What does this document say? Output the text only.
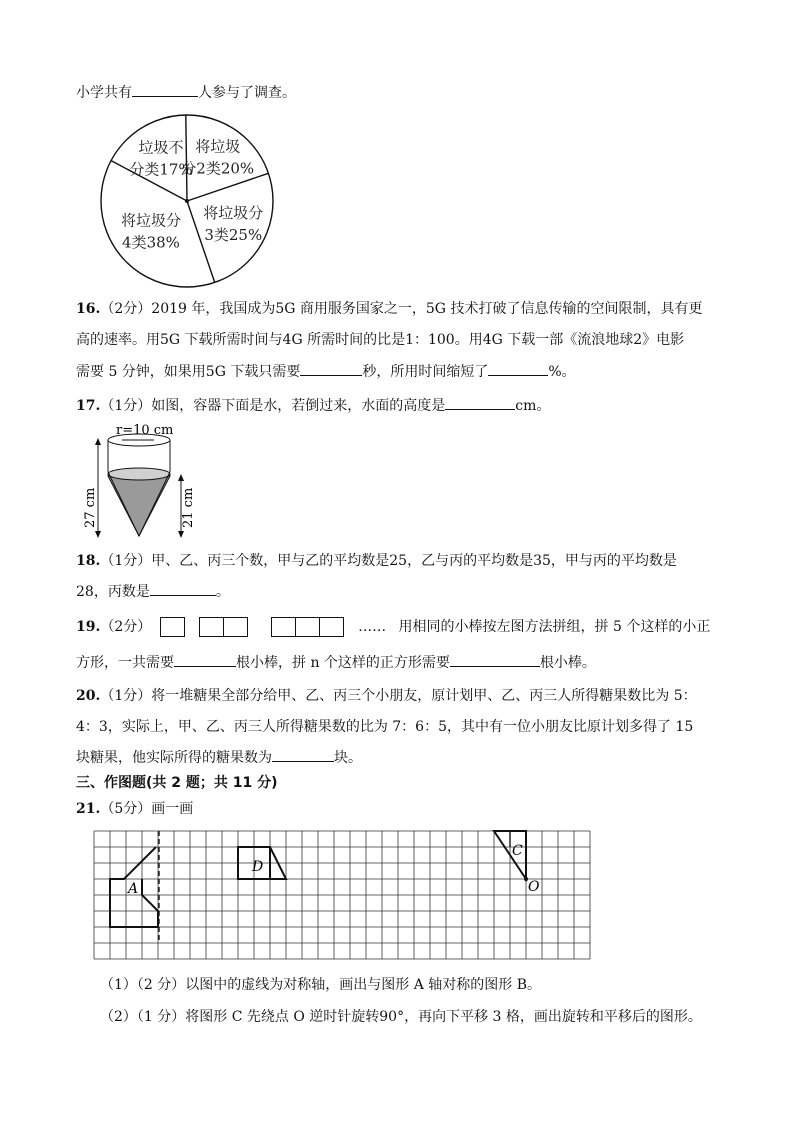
小学共有	人参与了调查。
垃圾不
分类17%
将垃圾
分2类20%
将垃圾分
3类25%
将垃圾分
4类38%
16.（2分）2019 年，我国成为5G 商用服务国家之一，5G 技术打破了信息传输的空间限制，具有更
高的速率。用5G 下载所需时间与4G 所需时间的比是1：100。用4G 下载一部《流浪地球2》电影
需要 5 分钟，如果用5G 下载只需要	秒，所用时间缩短了	%。
17.（1分）如图，容器下面是水，若倒过来，水面的高度是	cm。
r=10 cm
27 cm	21 cm
18.（1分）甲、乙、丙三个数，甲与乙的平均数是25，乙与丙的平均数是35，甲与丙的平均数是
28，丙数是	。
19.（2分）	…… 用相同的小棒按左图方法拼组，拼 5 个这样的小正
方形，一共需要	根小棒，拼 n 个这样的正方形需要	根小棒。
20.（1分）将一堆糖果全部分给甲、乙、丙三个小朋友，原计划甲、乙、丙三人所得糖果数比为 5：
4：3，实际上，甲、乙、丙三人所得糖果数的比为 7：6：5，其中有一位小朋友比原计划多得了 15
块糖果，他实际所得的糖果数为	块。
三、作图题(共 2 题；共 11 分)
21.（5分）画一画
A
D
C
O
（1）（2 分）以图中的虚线为对称轴，画出与图形 A 轴对称的图形 B。
（2）（1 分）将图形 C 先绕点 O 逆时针旋转90°，再向下平移 3 格，画出旋转和平移后的图形。
